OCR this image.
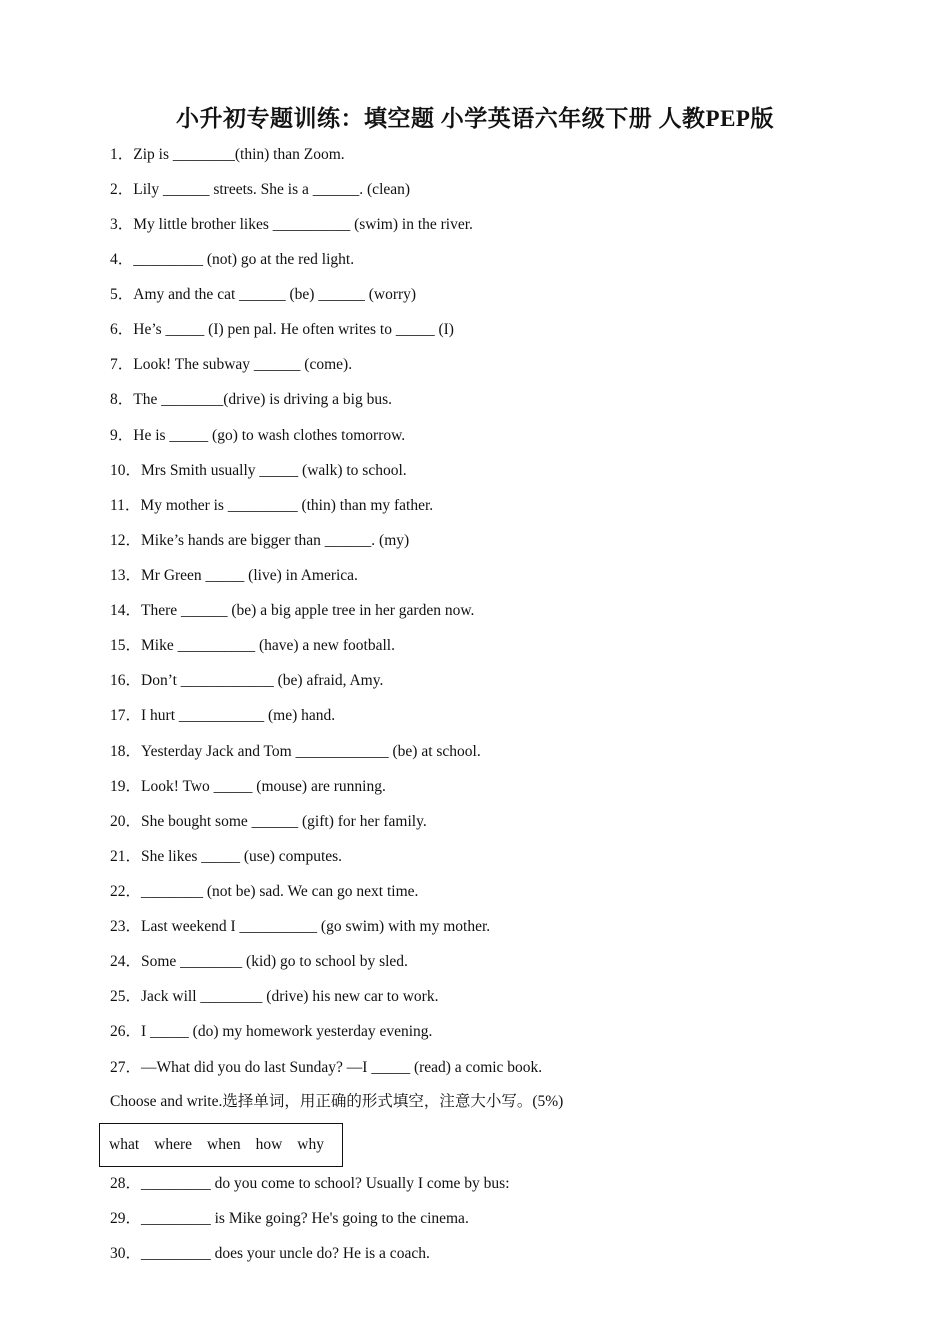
小升初专题训练：填空题 小学英语六年级下册 人教PEP版
1．Zip is ________(thin) than Zoom.
2．Lily ______ streets. She is a ______. (clean)
3．My little brother likes __________ (swim) in the river.
4．_________ (not) go at the red light.
5．Amy and the cat ______ (be) ______ (worry)
6．He’s _____ (I) pen pal. He often writes to _____ (I)
7．Look! The subway ______ (come).
8．The ________(drive) is driving a big bus.
9．He is _____ (go) to wash clothes tomorrow.
10．Mrs Smith usually _____ (walk) to school.
11．My mother is _________ (thin) than my father.
12．Mike’s hands are bigger than ______. (my)
13．Mr Green _____ (live) in America.
14．There ______ (be) a big apple tree in her garden now.
15．Mike __________ (have) a new football.
16．Don’t ____________ (be) afraid, Amy.
17．I hurt ___________ (me) hand.
18．Yesterday Jack and Tom ____________ (be) at school.
19．Look! Two _____ (mouse) are running.
20．She bought some ______ (gift) for her family.
21．She likes _____ (use) computes.
22．________ (not be) sad. We can go next time.
23．Last weekend I __________ (go swim) with my mother.
24．Some ________ (kid) go to school by sled.
25．Jack will ________ (drive) his new car to work.
26．I _____ (do) my homework yesterday evening.
27．—What did you do last Sunday? —I _____ (read) a comic book.
Choose and write.选择单词，用正确的形式填空，注意大小写。(5%)
what where when how why
28．_________ do you come to school? Usually I come by bus:
29．_________ is Mike going? He's going to the cinema.
30．_________ does your uncle do? He is a coach.
